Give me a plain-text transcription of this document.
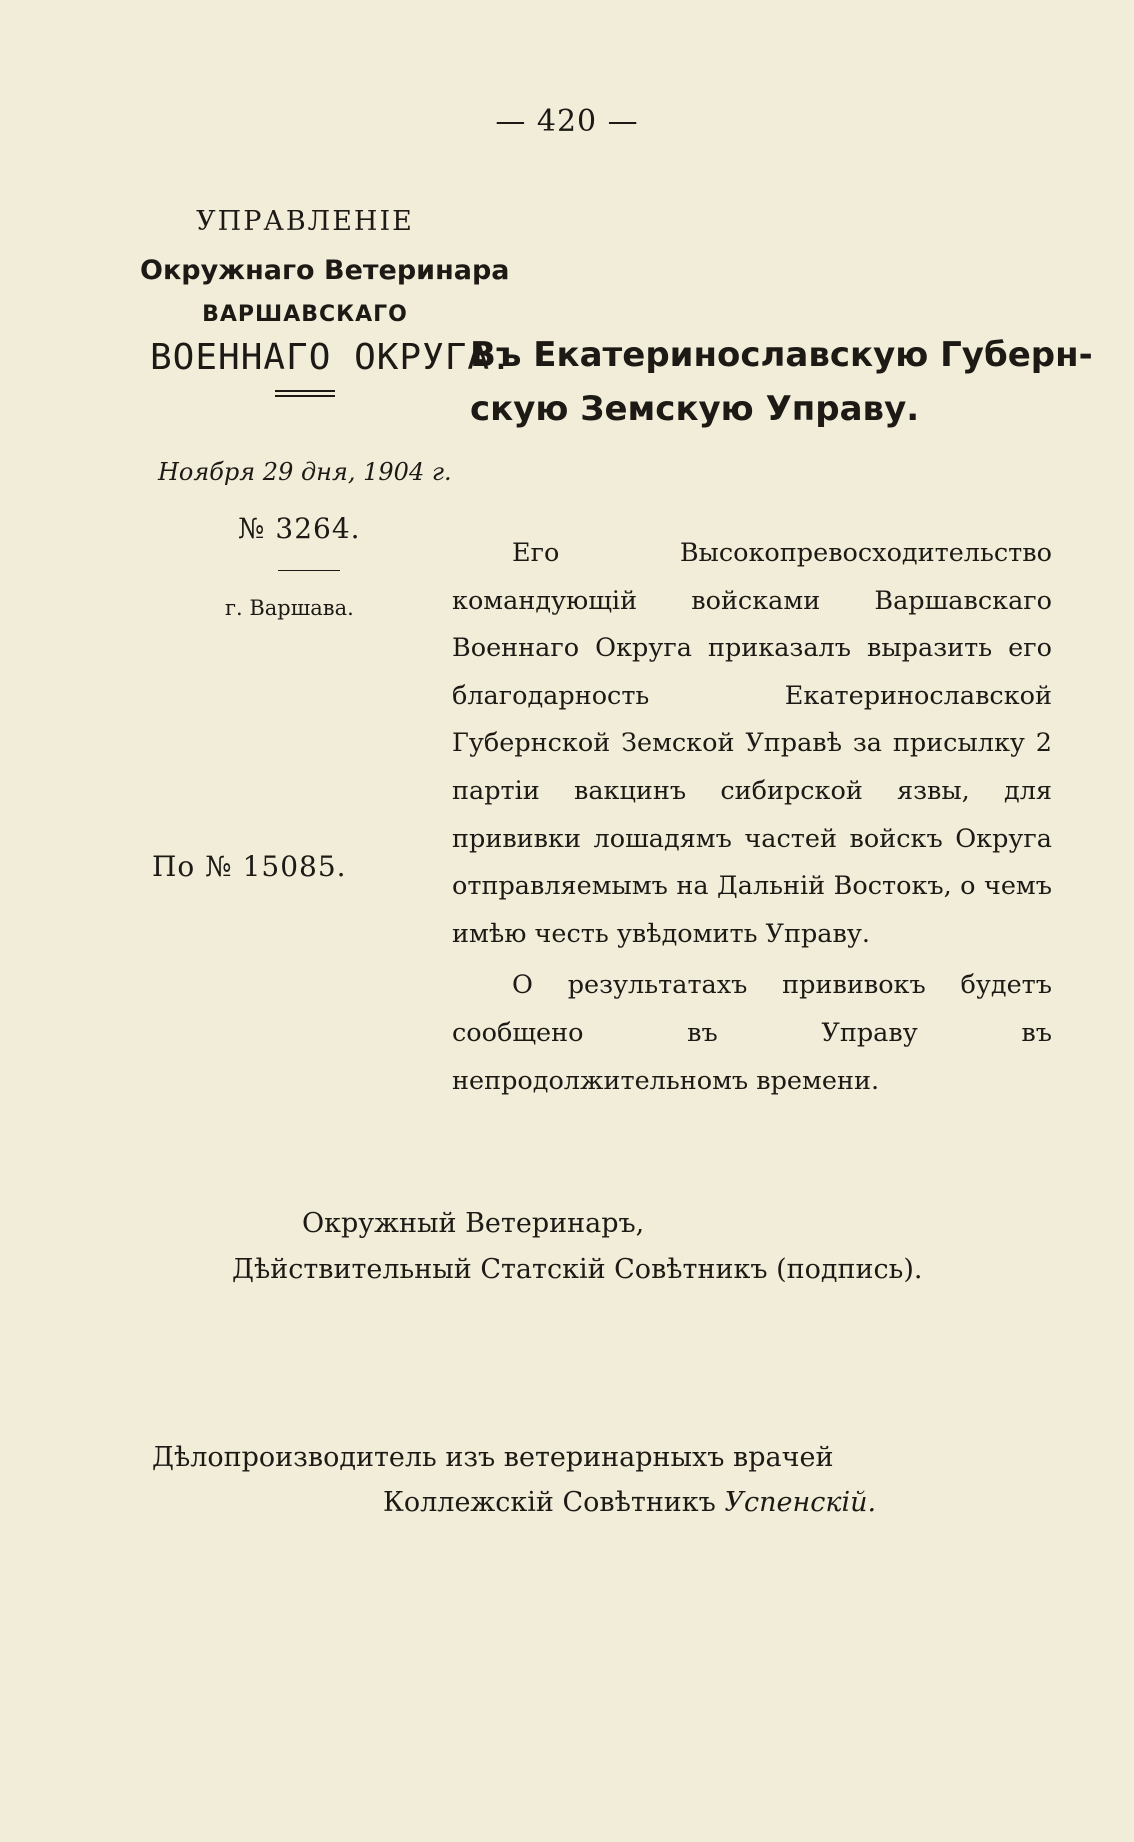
— 420 —
УПРАВЛЕНІЕ
Окружнаго Ветеринара
ВАРШАВСКАГО
ВОЕННАГО ОКРУГА.
Ноября 29 дня, 1904 г.
№ 3264.
г. Варшава.
По № 15085.
Въ Екатеринославскую Губерн-
скую Земскую Управу.

Его Высокопревосходительство командующій войсками Варшавскаго Военнаго Округа приказалъ выразить его благодарность Екатеринославской Губернской Земской Управѣ за присылку 2 партіи вакцинъ сибирской язвы, для прививки лошадямъ частей войскъ Округа отправляемымъ на Дальній Востокъ, о чемъ имѣю честь увѣдомить Управу.

О результатахъ прививокъ будетъ сообщено въ Управу въ непродолжительномъ времени.

Окружный Ветеринаръ,
Дѣйствительный Статскій Совѣтникъ (подпись).
Дѣлопроизводитель изъ ветеринарныхъ врачей
Коллежскій Совѣтникъ Успенскій.
